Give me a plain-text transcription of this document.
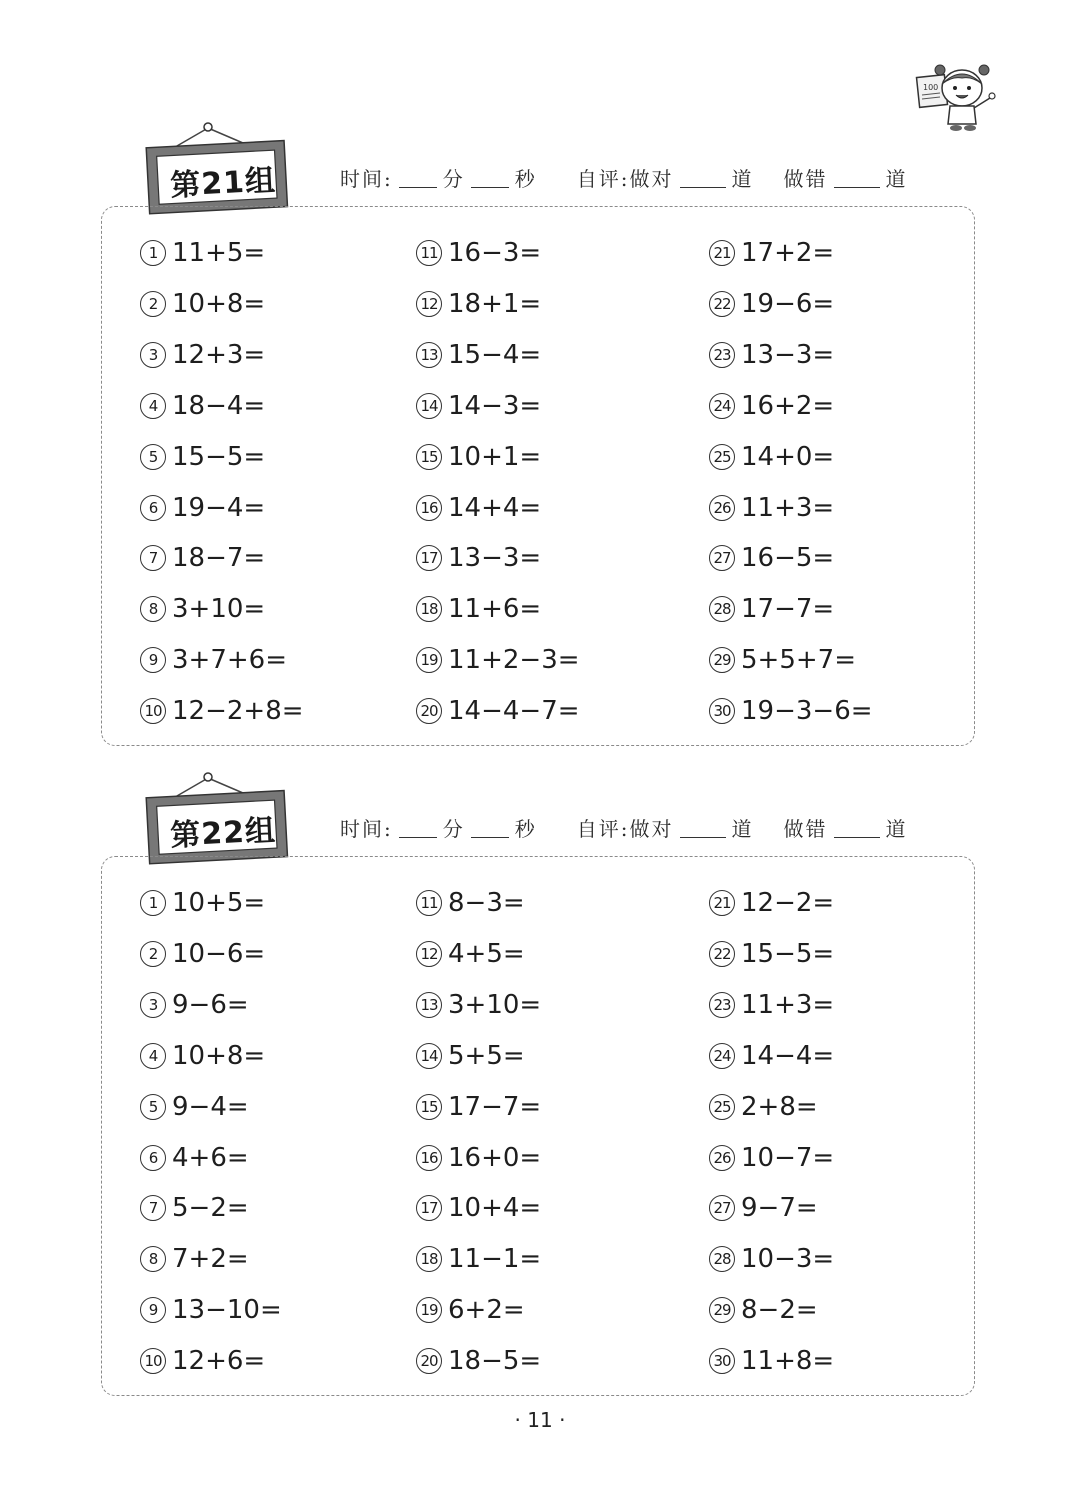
100
第21组	时间:	分	秒 自评:做对	道 做错	道
1 11+5=
2 10+8=
3 12+3=
4 18−4=
5 15−5=
6 19−4=
7 18−7=
8 3+10=
9 3+7+6=
10 12−2+8=
11 16−3=
12 18+1=
13 15−4=
14 14−3=
15 10+1=
16 14+4=
17 13−3=
18 11+6=
19 11+2−3=
20 14−4−7=
21 17+2=
22 19−6=
23 13−3=
24 16+2=
25 14+0=
26 11+3=
27 16−5=
28 17−7=
29 5+5+7=
30 19−3−6=
第22组	时间:	分	秒 自评:做对	道 做错	道
1 10+5=
2 10−6=
3 9−6=
4 10+8=
5 9−4=
6 4+6=
7 5−2=
8 7+2=
9 13−10=
10 12+6=
11 8−3=
12 4+5=
13 3+10=
14 5+5=
15 17−7=
16 16+0=
17 10+4=
18 11−1=
19 6+2=
20 18−5=
21 12−2=
22 15−5=
23 11+3=
24 14−4=
25 2+8=
26 10−7=
27 9−7=
28 10−3=
29 8−2=
30 11+8=
· 11 ·
